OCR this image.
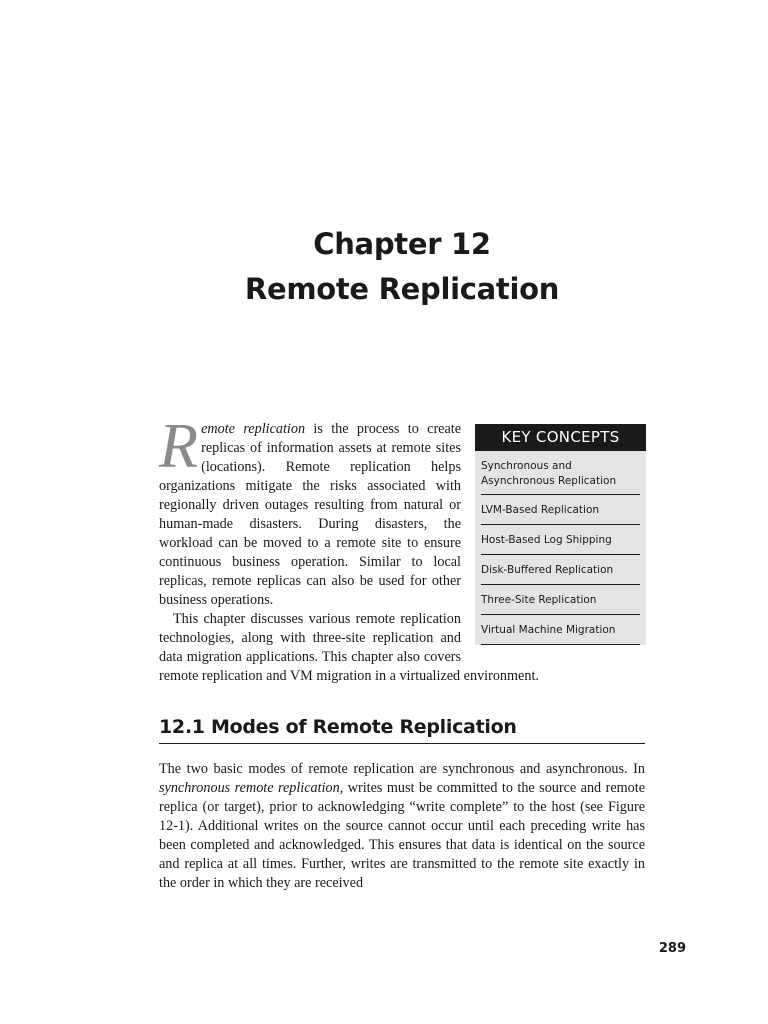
Chapter 12
Remote Replication
KEY CONCEPTS
Synchronous and Asynchronous Replication
LVM-Based Replication
Host-Based Log Shipping
Disk-Buffered Replication
Three-Site Replication
Virtual Machine Migration

Remote replication is the process to create replicas of information assets at remote sites (locations). Remote replication helps organizations mitigate the risks associated with regionally driven outages resulting from natural or human-made disasters. During disasters, the workload can be moved to a remote site to ensure continuous business operation. Similar to local replicas, remote replicas can also be used for other business operations.

This chapter discusses various remote replication technologies, along with three-site replication and data migration applications. This chapter also covers remote replication and VM migration in a virtualized environment.

12.1 Modes of Remote Replication

The two basic modes of remote replication are synchronous and asynchronous. In synchronous remote replication, writes must be committed to the source and remote replica (or target), prior to acknowledging “write complete” to the host (see Figure 12-1). Additional writes on the source cannot occur until each preceding write has been completed and acknowledged. This ensures that data is identical on the source and replica at all times. Further, writes are transmitted to the remote site exactly in the order in which they are received

289
